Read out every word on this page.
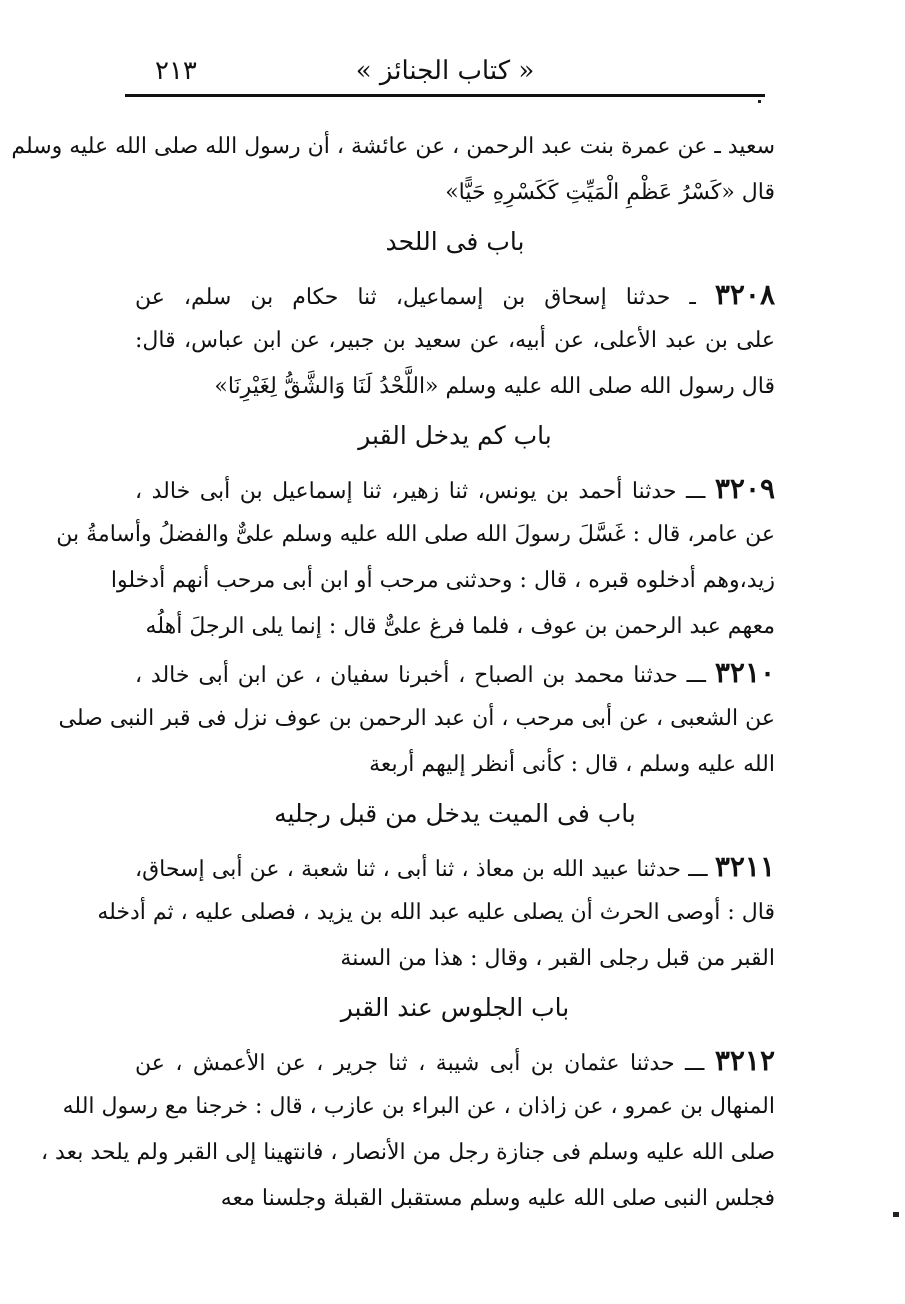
٢١٣	« كتاب الجنائز »
سعيد ـ عن عمرة بنت عبد الرحمن ، عن عائشة ، أن رسول الله صلى الله عليه وسلم
قال «كَسْرُ عَظْمِ الْمَيِّتِ كَكَسْرِهِ حَيًّا»
باب فى اللحد
٣٢٠٨ ـ حدثنا إسحاق بن إسماعيل، ثنا حكام بن سلم، عن
على بن عبد الأعلى، عن أبيه، عن سعيد بن جبير، عن ابن عباس، قال:
قال رسول الله صلى الله عليه وسلم «اللَّحْدُ لَنَا وَالشَّقُّ لِغَيْرِنَا»
باب كم يدخل القبر
٣٢٠٩ ـــ حدثنا أحمد بن يونس، ثنا زهير، ثنا إسماعيل بن أبى خالد ،
عن عامر، قال : غَسَّلَ رسولَ الله صلى الله عليه وسلم علىٌّ والفضلُ وأسامةُ بن
زيد،وهم أدخلوه قبره ، قال : وحدثنى مرحب أو ابن أبى مرحب أنهم أدخلوا
معهم عبد الرحمن بن عوف ، فلما فرغ علىٌّ قال : إنما يلى الرجلَ أهلُه
٣٢١٠ ـــ حدثنا محمد بن الصباح ، أخبرنا سفيان ، عن ابن أبى خالد ،
عن الشعبى ، عن أبى مرحب ، أن عبد الرحمن بن عوف نزل فى قبر النبى صلى
الله عليه وسلم ، قال : كأنى أنظر إليهم أربعة
باب فى الميت يدخل من قبل رجليه
٣٢١١ ـــ حدثنا عبيد الله بن معاذ ، ثنا أبى ، ثنا شعبة ، عن أبى إسحاق،
قال : أوصى الحرث أن يصلى عليه عبد الله بن يزيد ، فصلى عليه ، ثم أدخله
القبر من قبل رجلى القبر ، وقال : هذا من السنة
باب الجلوس عند القبر
٣٢١٢ ـــ حدثنا عثمان بن أبى شيبة ، ثنا جرير ، عن الأعمش ، عن
المنهال بن عمرو ، عن زاذان ، عن البراء بن عازب ، قال : خرجنا مع رسول الله
صلى الله عليه وسلم فى جنازة رجل من الأنصار ، فانتهينا إلى القبر ولم يلحد بعد ،
فجلس النبى صلى الله عليه وسلم مستقبل القبلة وجلسنا معه
